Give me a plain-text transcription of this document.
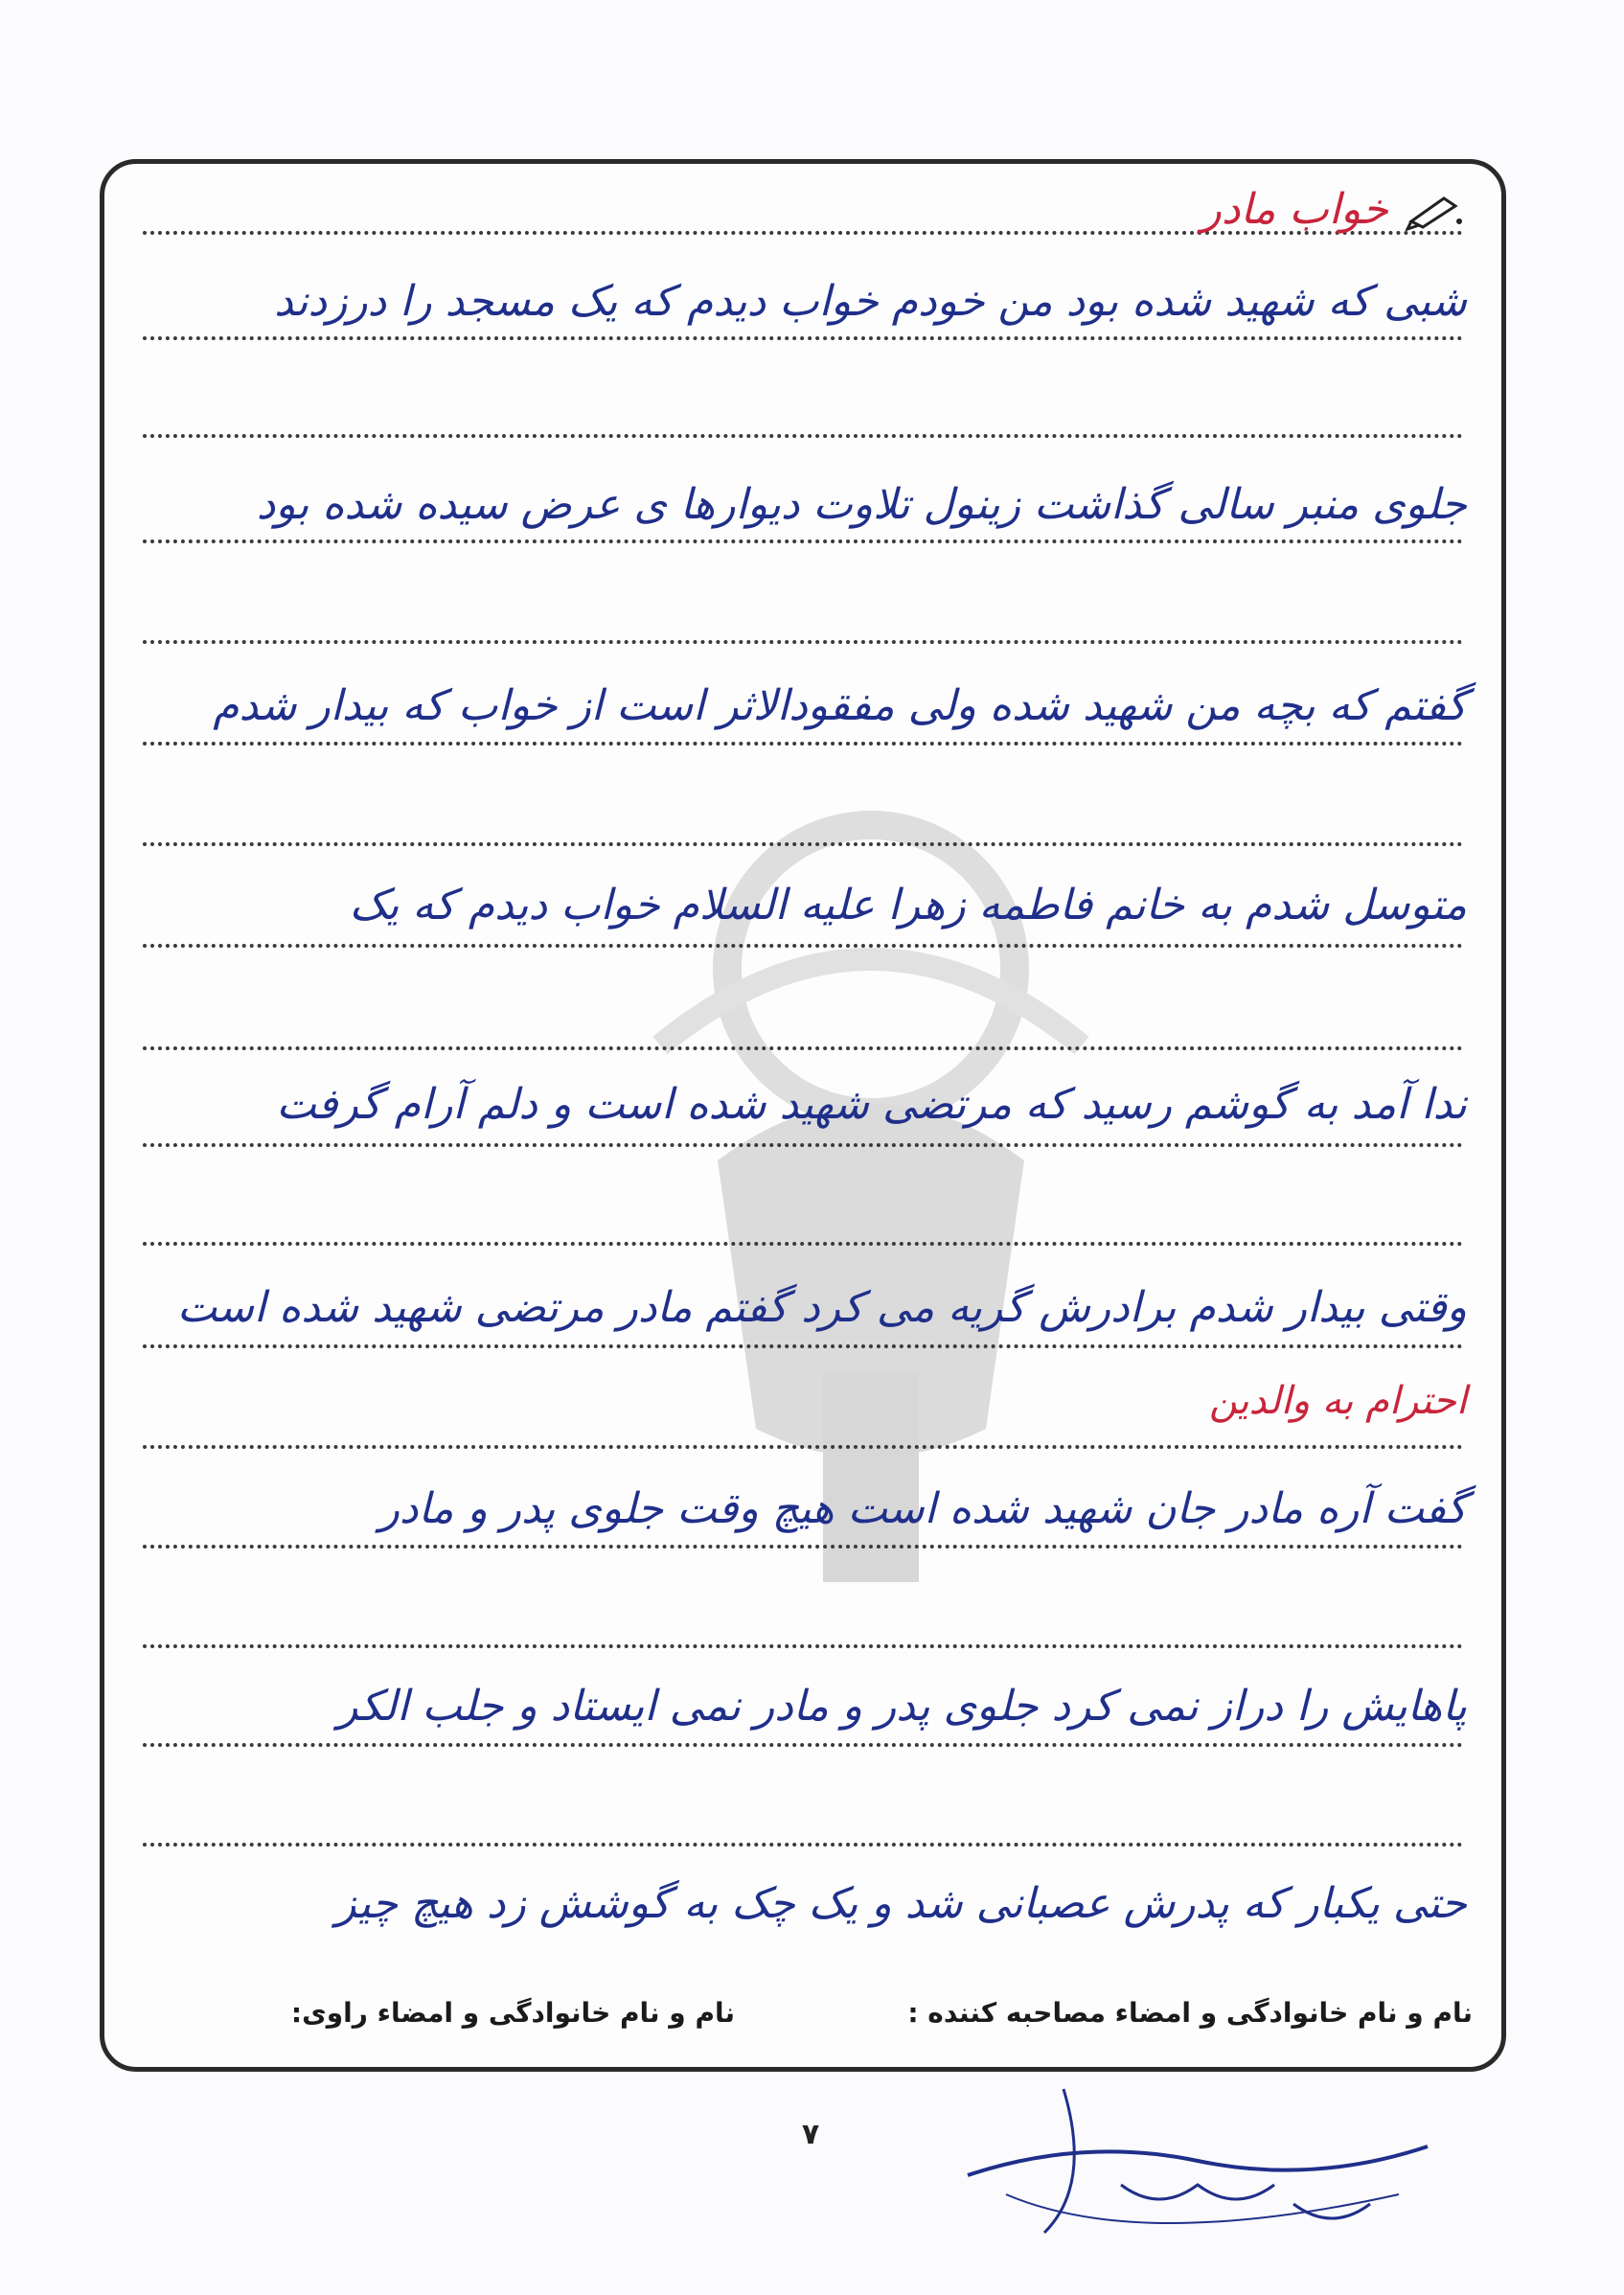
خواب مادر
شبی که شهید شده بود من خودم خواب دیدم که یک مسجد را درزدند
جلوی منبر سالی گذاشت زینول تلاوت دیوارها ی عرض سیده شده بود
گفتم که بچه من شهید شده ولی مفقودالاثر است از خواب که بیدار شدم
متوسل شدم به خانم فاطمه زهرا علیه السلام خواب دیدم که یک
ندا آمد به گوشم رسید که مرتضی شهید شده است و دلم آرام گرفت
وقتی بیدار شدم برادرش گریه می کرد گفتم مادر مرتضی شهید شده است
احترام به والدین
گفت آره مادر جان شهید شده است هیچ وقت جلوی پدر و مادر
پاهایش را دراز نمی کرد جلوی پدر و مادر نمی ایستاد و جلب الکر
حتی یکبار که پدرش عصبانی شد و یک چک به گوشش زد هیچ چیز
نام و نام خانوادگی و امضاء مصاحبه کننده :
نام و نام خانوادگی و امضاء راوی:
۷
